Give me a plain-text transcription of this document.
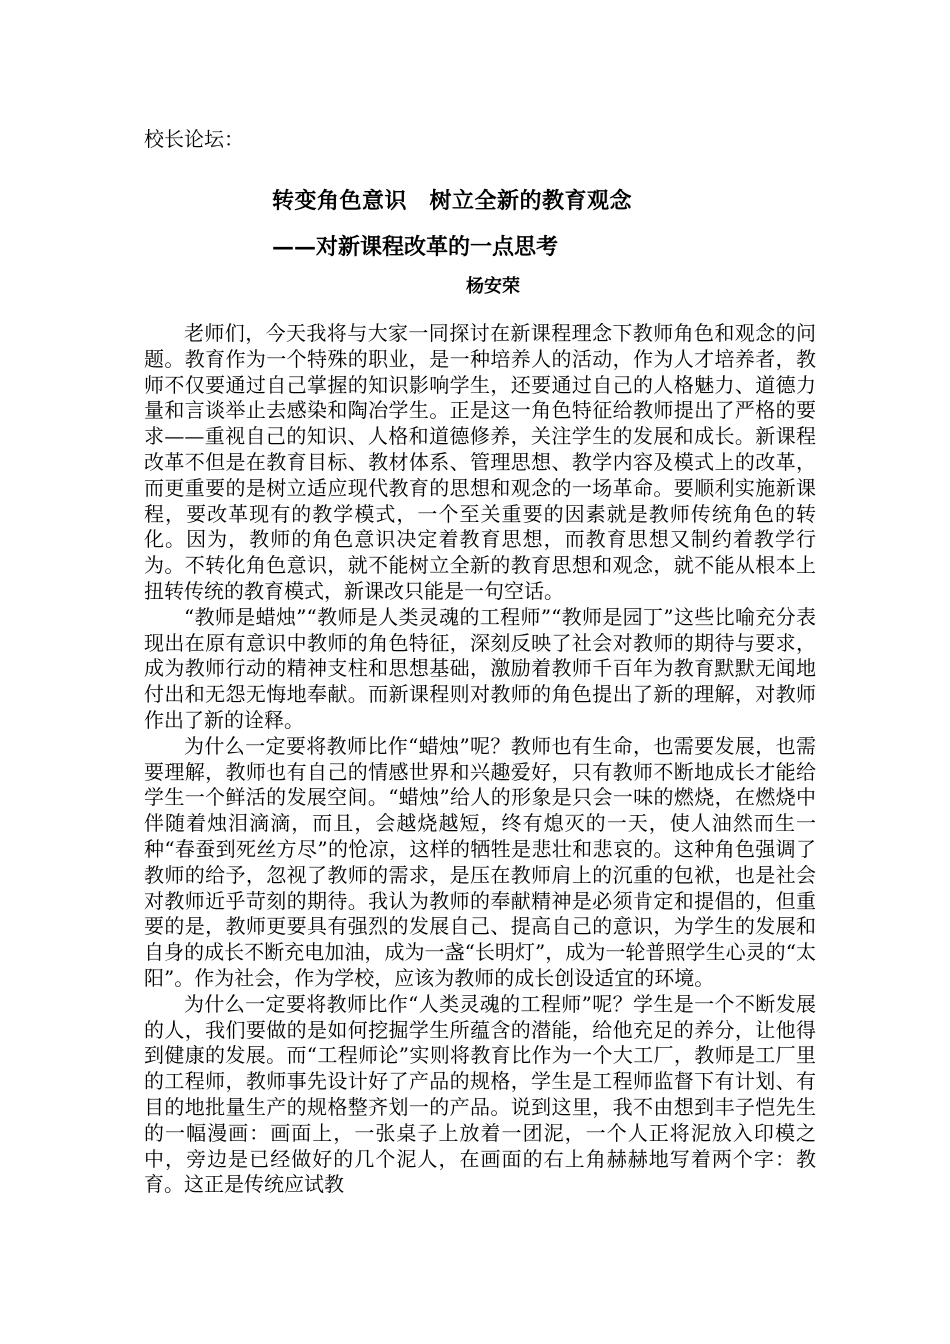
校长论坛：
转变角色意识　树立全新的教育观念
——对新课程改革的一点思考
杨安荣

老师们，今天我将与大家一同探讨在新课程理念下教师角色和观念的问题。教育作为一个特殊的职业，是一种培养人的活动，作为人才培养者，教师不仅要通过自己掌握的知识影响学生，还要通过自己的人格魅力、道德力量和言谈举止去感染和陶冶学生。正是这一角色特征给教师提出了严格的要求——重视自己的知识、人格和道德修养，关注学生的发展和成长。新课程改革不但是在教育目标、教材体系、管理思想、教学内容及模式上的改革，而更重要的是树立适应现代教育的思想和观念的一场革命。要顺利实施新课程，要改革现有的教学模式，一个至关重要的因素就是教师传统角色的转化。因为，教师的角色意识决定着教育思想，而教育思想又制约着教学行为。不转化角色意识，就不能树立全新的教育思想和观念，就不能从根本上扭转传统的教育模式，新课改只能是一句空话。

“教师是蜡烛”“教师是人类灵魂的工程师”“教师是园丁”这些比喻充分表现出在原有意识中教师的角色特征，深刻反映了社会对教师的期待与要求，成为教师行动的精神支柱和思想基础，激励着教师千百年为教育默默无闻地付出和无怨无悔地奉献。而新课程则对教师的角色提出了新的理解，对教师作出了新的诠释。

为什么一定要将教师比作“蜡烛”呢？教师也有生命，也需要发展，也需要理解，教师也有自己的情感世界和兴趣爱好，只有教师不断地成长才能给学生一个鲜活的发展空间。“蜡烛”给人的形象是只会一味的燃烧，在燃烧中伴随着烛泪滴滴，而且，会越烧越短，终有熄灭的一天，使人油然而生一种“春蚕到死丝方尽”的怆凉，这样的牺牲是悲壮和悲哀的。这种角色强调了教师的给予，忽视了教师的需求，是压在教师肩上的沉重的包袱，也是社会对教师近乎苛刻的期待。我认为教师的奉献精神是必须肯定和提倡的，但重要的是，教师更要具有强烈的发展自己、提高自己的意识，为学生的发展和自身的成长不断充电加油，成为一盏“长明灯”，成为一轮普照学生心灵的“太阳”。作为社会，作为学校，应该为教师的成长创设适宜的环境。

为什么一定要将教师比作“人类灵魂的工程师”呢？学生是一个不断发展的人，我们要做的是如何挖掘学生所蕴含的潜能，给他充足的养分，让他得到健康的发展。而“工程师论”实则将教育比作为一个大工厂，教师是工厂里的工程师，教师事先设计好了产品的规格，学生是工程师监督下有计划、有目的地批量生产的规格整齐划一的产品。说到这里，我不由想到丰子恺先生的一幅漫画：画面上，一张桌子上放着一团泥，一个人正将泥放入印模之中，旁边是已经做好的几个泥人，在画面的右上角赫赫地写着两个字：教育。这正是传统应试教
